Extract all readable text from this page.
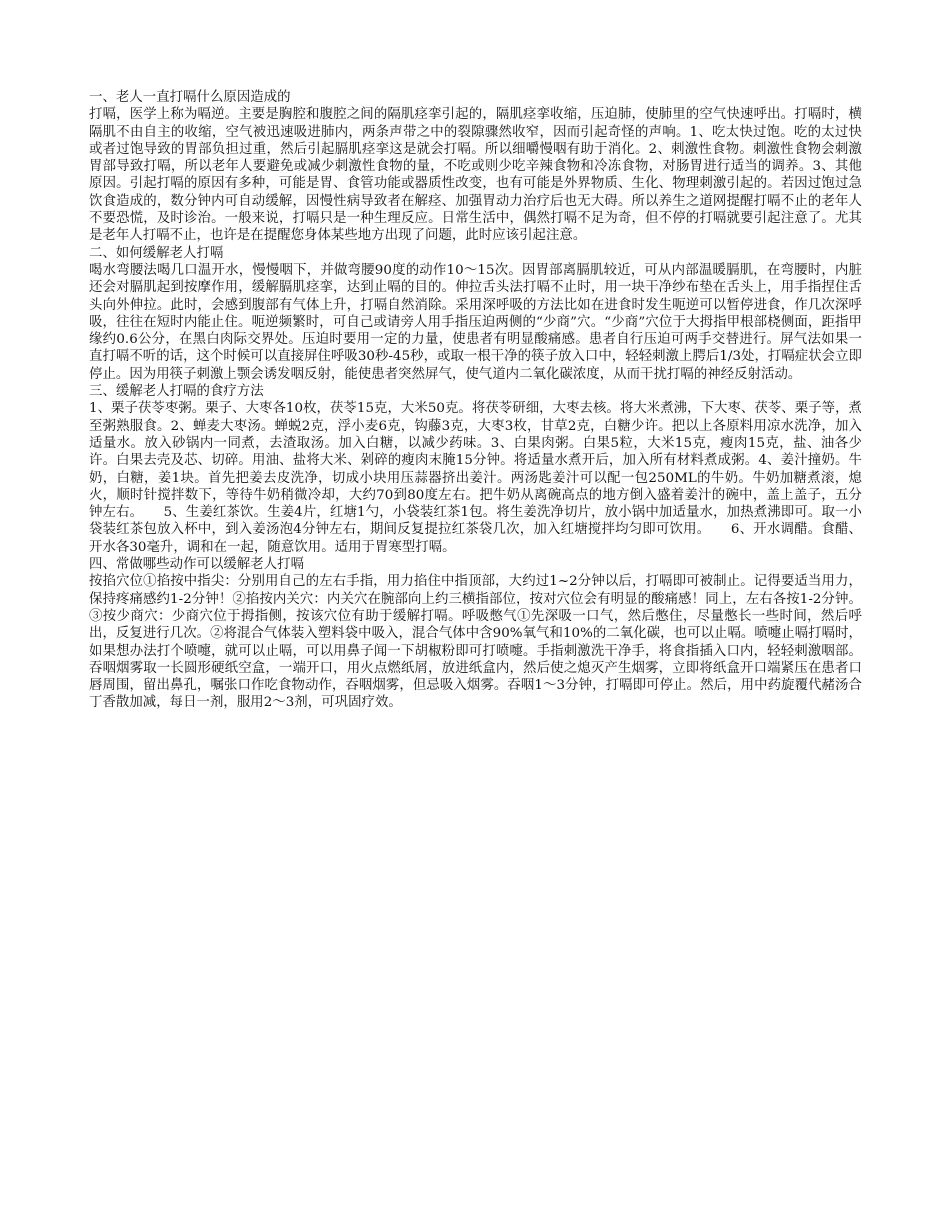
一、老人一直打嗝什么原因造成的

打嗝，医学上称为嗝逆。主要是胸腔和腹腔之间的隔肌痉挛引起的，隔肌痉挛收缩，压迫肺，使肺里的空气快速呼出。打嗝时，横隔肌不由自主的收缩，空气被迅速吸进肺内，两条声带之中的裂隙骤然收窄，因而引起奇怪的声响。1、吃太快过饱。吃的太过快或者过饱导致的胃部负担过重，然后引起膈肌痉挛这是就会打嗝。所以细嚼慢咽有助于消化。2、刺激性食物。刺激性食物会刺激胃部导致打嗝，所以老年人要避免或减少刺激性食物的量，不吃或则少吃辛辣食物和冷冻食物，对肠胃进行适当的调养。3、其他原因。引起打嗝的原因有多种，可能是胃、食管功能或器质性改变，也有可能是外界物质、生化、物理刺激引起的。若因过饱过急饮食造成的，数分钟内可自动缓解，因慢性病导致者在解痉、加强胃动力治疗后也无大碍。所以养生之道网提醒打嗝不止的老年人不要恐慌，及时诊治。一般来说，打嗝只是一种生理反应。日常生活中，偶然打嗝不足为奇，但不停的打嗝就要引起注意了。尤其是老年人打嗝不止，也许是在提醒您身体某些地方出现了问题，此时应该引起注意。

二、如何缓解老人打嗝

喝水弯腰法喝几口温开水，慢慢咽下，并做弯腰90度的动作10～15次。因胃部离膈肌较近，可从内部温暖膈肌，在弯腰时，内脏还会对膈肌起到按摩作用，缓解膈肌痉挛，达到止嗝的目的。伸拉舌头法打嗝不止时，用一块干净纱布垫在舌头上，用手指捏住舌头向外伸拉。此时，会感到腹部有气体上升，打嗝自然消除。采用深呼吸的方法比如在进食时发生呃逆可以暂停进食，作几次深呼吸，往往在短时内能止住。呃逆频繁时，可自己或请旁人用手指压迫两侧的“少商”穴。“少商”穴位于大拇指甲根部桡侧面，距指甲缘约0.6公分，在黑白肉际交界处。压迫时要用一定的力量，使患者有明显酸痛感。患者自行压迫可两手交替进行。屏气法如果一直打嗝不听的话，这个时候可以直接屏住呼吸30秒-45秒，或取一根干净的筷子放入口中，轻轻刺激上腭后1/3处，打嗝症状会立即停止。因为用筷子刺激上颚会诱发咽反射，能使患者突然屏气，使气道内二氧化碳浓度，从而干扰打嗝的神经反射活动。

三、缓解老人打嗝的食疗方法

1、栗子茯苓枣粥。栗子、大枣各10枚，茯苓15克，大米50克。将茯苓研细，大枣去核。将大米煮沸，下大枣、茯苓、栗子等，煮至粥熟服食。2、蝉麦大枣汤。蝉蜕2克，浮小麦6克，钩藤3克，大枣3枚，甘草2克，白糖少许。把以上各原料用凉水洗净，加入适量水。放入砂锅内一同煮，去渣取汤。加入白糖，以减少药味。3、白果肉粥。白果5粒，大米15克，瘦肉15克，盐、油各少许。白果去壳及芯、切碎。用油、盐将大米、剁碎的瘦肉末腌15分钟。将适量水煮开后，加入所有材料煮成粥。4、姜汁撞奶。牛奶，白糖，姜1块。首先把姜去皮洗净，切成小块用压蒜器挤出姜汁。两汤匙姜汁可以配一包250ML的牛奶。牛奶加糖煮滚，熄火，顺时针搅拌数下，等待牛奶稍微冷却，大约70到80度左右。把牛奶从离碗高点的地方倒入盛着姜汁的碗中，盖上盖子，五分钟左右。　　5、生姜红茶饮。生姜4片，红塘1勺，小袋装红茶1包。将生姜洗净切片，放小锅中加适量水，加热煮沸即可。取一小袋装红茶包放入杯中，到入姜汤泡4分钟左右，期间反复提拉红茶袋几次，加入红塘搅拌均匀即可饮用。　　6、开水调醋。食醋、开水各30毫升，调和在一起，随意饮用。适用于胃寒型打嗝。

四、常做哪些动作可以缓解老人打嗝

按掐穴位①掐按中指尖：分别用自己的左右手指，用力掐住中指顶部，大约过1~2分钟以后，打嗝即可被制止。记得要适当用力，保持疼痛感约1-2分钟！②掐按内关穴：内关穴在腕部向上约三横指部位，按对穴位会有明显的酸痛感！同上，左右各按1-2分钟。③按少商穴：少商穴位于拇指侧，按该穴位有助于缓解打嗝。呼吸憋气①先深吸一口气，然后憋住，尽量憋长一些时间，然后呼出，反复进行几次。②将混合气体装入塑料袋中吸入，混合气体中含90%氧气和10%的二氧化碳，也可以止嗝。喷嚏止嗝打嗝时，如果想办法打个喷嚏，就可以止嗝，可以用鼻子闻一下胡椒粉即可打喷嚏。手指刺激洗干净手，将食指插入口内，轻轻刺激咽部。吞咽烟雾取一长圆形硬纸空盒，一端开口，用火点燃纸屑，放进纸盒内，然后使之熄灭产生烟雾，立即将纸盒开口端紧压在患者口唇周围，留出鼻孔，嘱张口作吃食物动作，吞咽烟雾，但忌吸入烟雾。吞咽1～3分钟，打嗝即可停止。然后，用中药旋覆代赭汤合丁香散加减，每日一剂，服用2～3剂，可巩固疗效。
